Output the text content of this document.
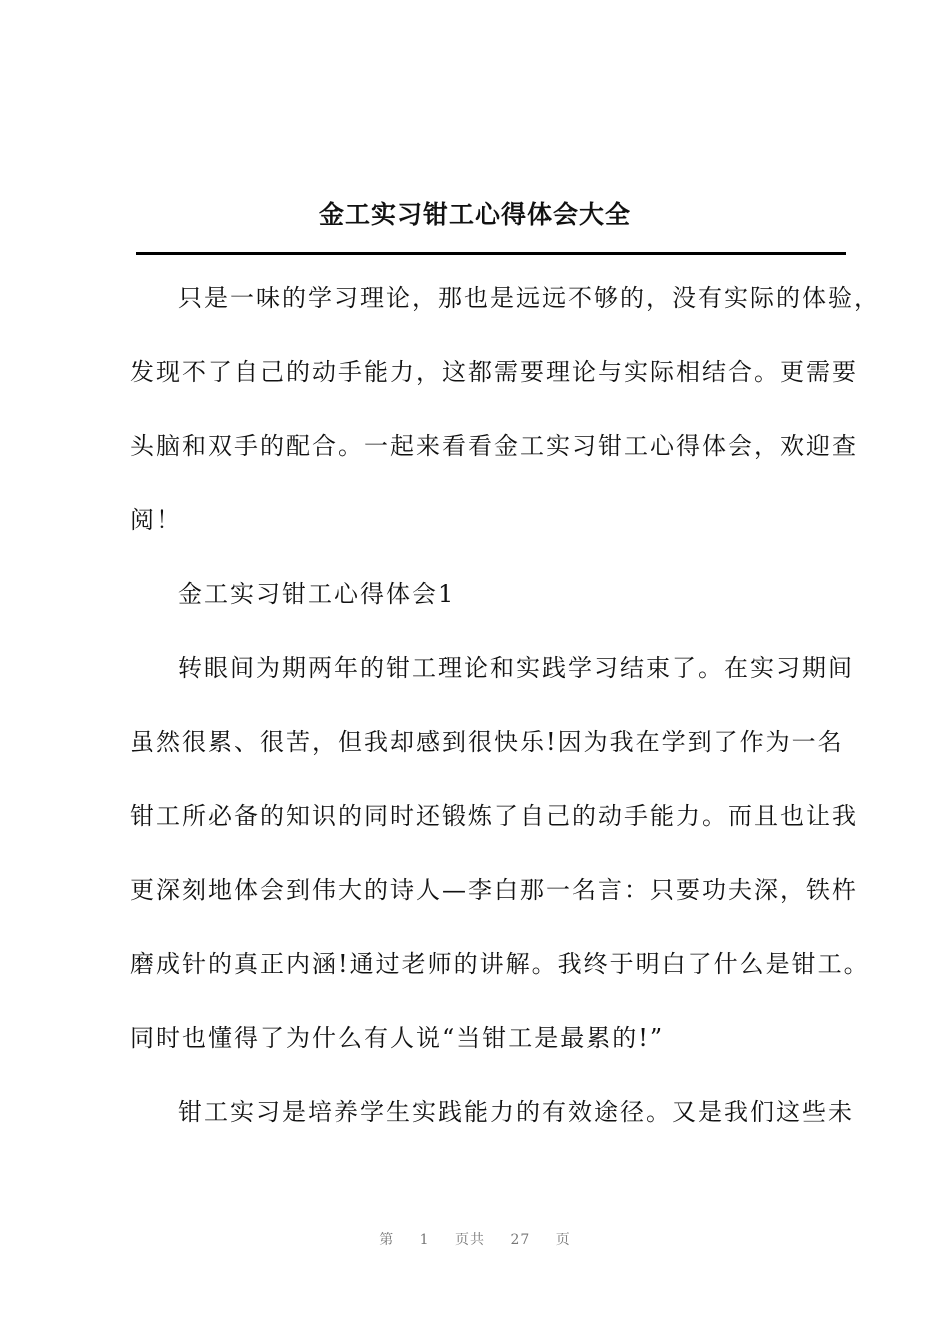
金工实习钳工心得体会大全
只是一味的学习理论，那也是远远不够的，没有实际的体验，
发现不了自己的动手能力，这都需要理论与实际相结合。更需要
头脑和双手的配合。一起来看看金工实习钳工心得体会，欢迎查
阅！
金工实习钳工心得体会1
转眼间为期两年的钳工理论和实践学习结束了。在实习期间
虽然很累、很苦，但我却感到很快乐!因为我在学到了作为一名
钳工所必备的知识的同时还锻炼了自己的动手能力。而且也让我
更深刻地体会到伟大的诗人—李白那一名言：只要功夫深，铁杵
磨成针的真正内涵!通过老师的讲解。我终于明白了什么是钳工。
同时也懂得了为什么有人说“当钳工是最累的!”
钳工实习是培养学生实践能力的有效途径。又是我们这些未
第 1 页共 27 页
